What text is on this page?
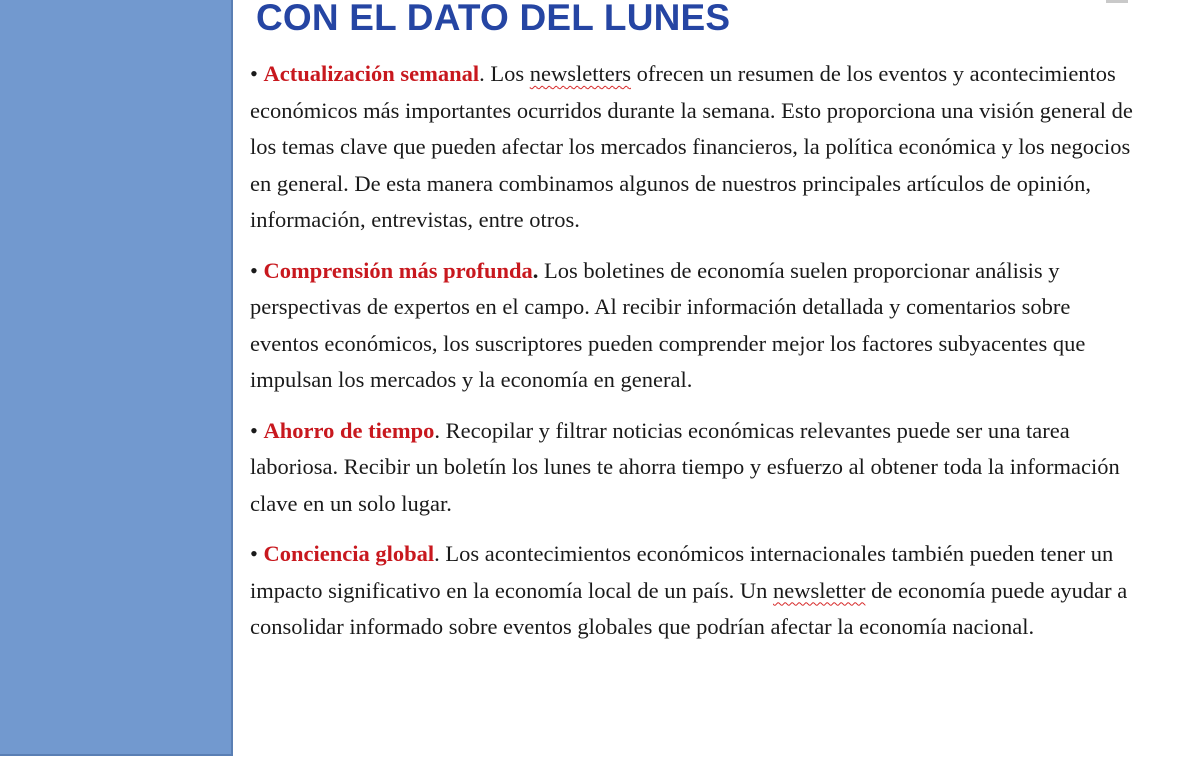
CON EL DATO DEL LUNES

• Actualización semanal. Los newsletters ofrecen un resumen de los eventos y acontecimientos económicos más importantes ocurridos durante la semana. Esto proporciona una visión general de los temas clave que pueden afectar los mercados financieros, la política económica y los negocios en general. De esta manera combinamos algunos de nuestros principales artículos de opinión, información, entrevistas, entre otros.

• Comprensión más profunda. Los boletines de economía suelen proporcionar análisis y perspectivas de expertos en el campo. Al recibir información detallada y comentarios sobre eventos económicos, los suscriptores pueden comprender mejor los factores subyacentes que impulsan los mercados y la economía en general.

• Ahorro de tiempo. Recopilar y filtrar noticias económicas relevantes puede ser una tarea laboriosa. Recibir un boletín los lunes te ahorra tiempo y esfuerzo al obtener toda la información clave en un solo lugar.

• Conciencia global. Los acontecimientos económicos internacionales también pueden tener un impacto significativo en la economía local de un país. Un newsletter de economía puede ayudar a consolidar informado sobre eventos globales que podrían afectar la economía nacional.
